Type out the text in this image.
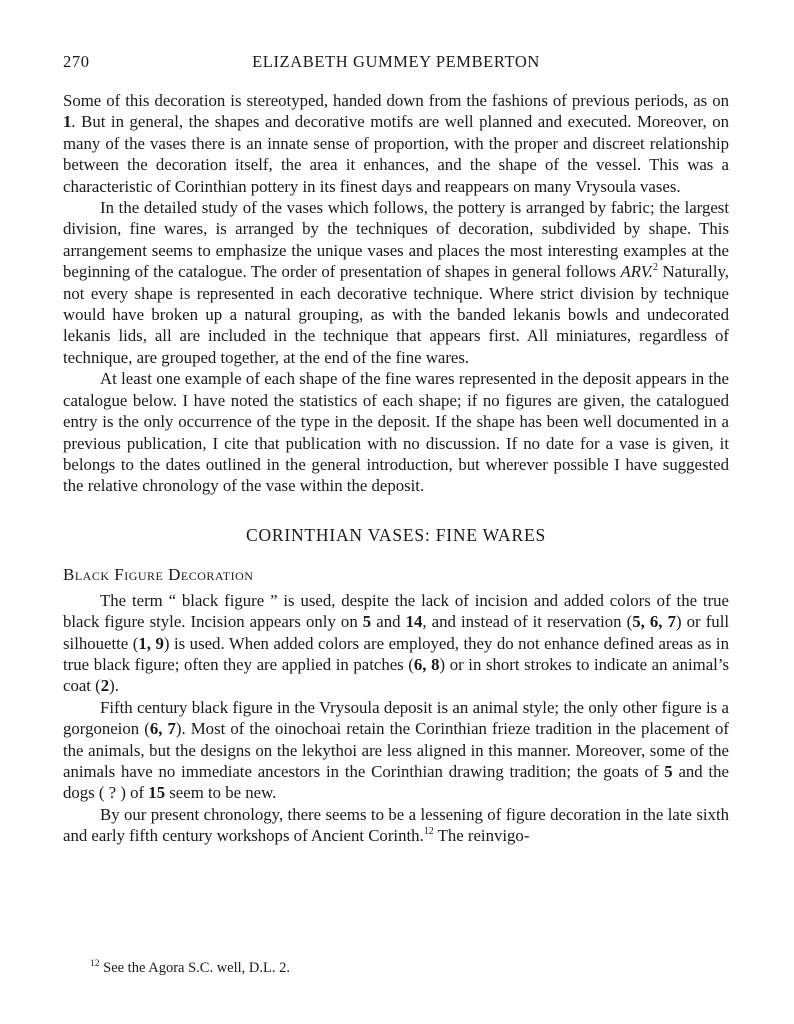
270	ELIZABETH GUMMEY PEMBERTON

Some of this decoration is stereotyped, handed down from the fashions of previous periods, as on 1. But in general, the shapes and decorative motifs are well planned and executed. Moreover, on many of the vases there is an innate sense of proportion, with the proper and discreet relationship between the decoration itself, the area it enhances, and the shape of the vessel. This was a characteristic of Corinthian pottery in its finest days and reappears on many Vrysoula vases.

In the detailed study of the vases which follows, the pottery is arranged by fabric; the largest division, fine wares, is arranged by the techniques of decoration, subdivided by shape. This arrangement seems to emphasize the unique vases and places the most interesting examples at the beginning of the catalogue. The order of presentation of shapes in general follows ARV.$^2$ Naturally, not every shape is represented in each decorative technique. Where strict division by technique would have broken up a natural grouping, as with the banded lekanis bowls and undecorated lekanis lids, all are included in the technique that appears first. All miniatures, regardless of technique, are grouped together, at the end of the fine wares.

At least one example of each shape of the fine wares represented in the deposit appears in the catalogue below. I have noted the statistics of each shape; if no figures are given, the catalogued entry is the only occurrence of the type in the deposit. If the shape has been well documented in a previous publication, I cite that publication with no discussion. If no date for a vase is given, it belongs to the dates outlined in the general introduction, but wherever possible I have suggested the relative chronology of the vase within the deposit.

CORINTHIAN VASES: FINE WARES
Black Figure Decoration

The term “ black figure ” is used, despite the lack of incision and added colors of the true black figure style. Incision appears only on 5 and 14, and instead of it reservation (5, 6, 7) or full silhouette (1, 9) is used. When added colors are employed, they do not enhance defined areas as in true black figure; often they are applied in patches (6, 8) or in short strokes to indicate an animal’s coat (2).

Fifth century black figure in the Vrysoula deposit is an animal style; the only other figure is a gorgoneion (6, 7). Most of the oinochoai retain the Corinthian frieze tradition in the placement of the animals, but the designs on the lekythoi are less aligned in this manner. Moreover, some of the animals have no immediate ancestors in the Corinthian drawing tradition; the goats of 5 and the dogs ( ? ) of 15 seem to be new.

By our present chronology, there seems to be a lessening of figure decoration in the late sixth and early fifth century workshops of Ancient Corinth.$^{12}$ The reinvigo-

$^{12}$ See the Agora S.C. well, D.L. 2.
